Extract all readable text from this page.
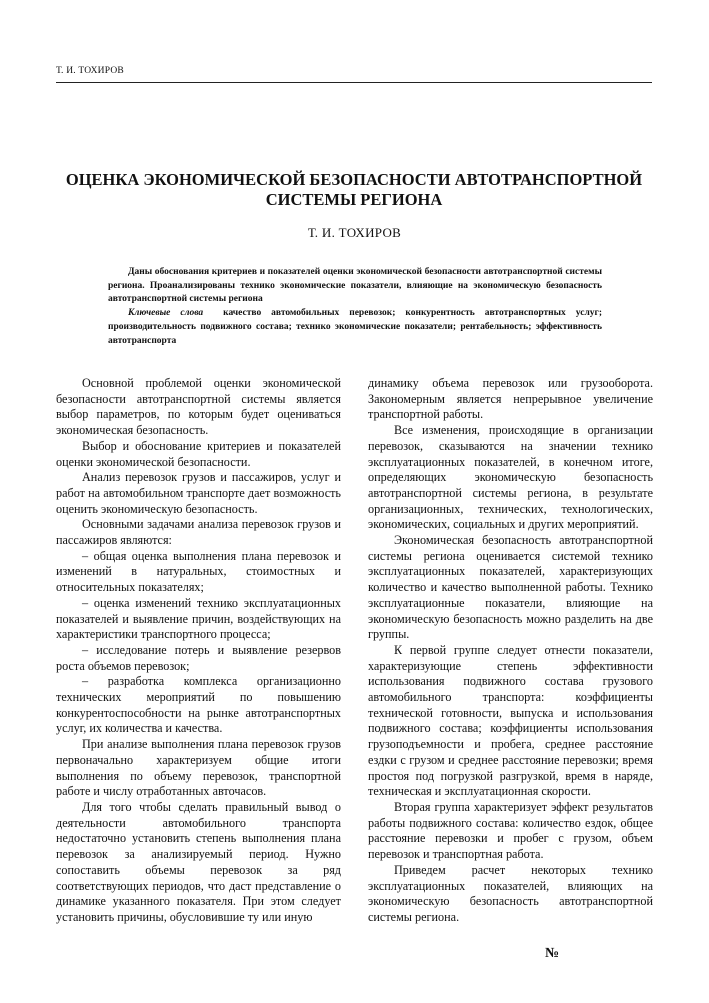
Т. И. ТОХИРОВ
ОЦЕНКА ЭКОНОМИЧЕСКОЙ БЕЗОПАСНОСТИ АВТОТРАНСПОРТНОЙ
СИСТЕМЫ РЕГИОНА
Т. И. ТОХИРОВ

Даны обоснования критериев и показателей оценки экономической безопасности автотранспортной системы региона. Проанализированы технико экономические показатели, влияющие на экономическую безопасность автотранспортной системы региона

Ключевые слова качество автомобильных перевозок; конкурентность автотранспортных услуг; производительность подвижного состава; технико экономические показатели; рентабельность; эффективность автотранспорта

Основной проблемой оценки экономической безопасности автотранспортной системы является выбор параметров, по которым будет оцениваться экономическая безопасность.

Выбор и обоснование критериев и показателей оценки экономической безопасности.

Анализ перевозок грузов и пассажиров, услуг и работ на автомобильном транспорте дает возможность оценить экономическую безопасность.

Основными задачами анализа перевозок грузов и пассажиров являются:

– общая оценка выполнения плана перевозок и изменений в натуральных, стоимостных и относительных показателях;

– оценка изменений технико эксплуатационных показателей и выявление причин, воздействующих на характеристики транспортного процесса;

– исследование потерь и выявление резервов роста объемов перевозок;

– разработка комплекса организационно технических мероприятий по повышению конкурентоспособности на рынке автотранспортных услуг, их количества и качества.

При анализе выполнения плана перевозок грузов первоначально характеризуем общие итоги выполнения по объему перевозок, транспортной работе и числу отработанных авточасов.

Для того чтобы сделать правильный вывод о деятельности автомобильного транспорта недостаточно установить степень выполнения плана перевозок за анализируемый период. Нужно сопоставить объемы перевозок за ряд соответствующих периодов, что даст представление о динамике указанного показателя. При этом следует установить причины, обусловившие ту или иную

динамику объема перевозок или грузооборота. Закономерным является непрерывное увеличение транспортной работы.

Все изменения, происходящие в организации перевозок, сказываются на значении технико эксплуатационных показателей, в конечном итоге, определяющих экономическую безопасность автотранспортной системы региона, в результате организационных, технических, технологических, экономических, социальных и других мероприятий.

Экономическая безопасность автотранспортной системы региона оценивается системой технико эксплуатационных показателей, характеризующих количество и качество выполненной работы. Технико эксплуатационные показатели, влияющие на экономическую безопасность можно разделить на две группы.

К первой группе следует отнести показатели, характеризующие степень эффективности использования подвижного состава грузового автомобильного транспорта: коэффициенты технической готовности, выпуска и использования подвижного состава; коэффициенты использования грузоподъемности и пробега, среднее расстояние ездки с грузом и среднее расстояние перевозки; время простоя под погрузкой разгрузкой, время в наряде, техническая и эксплуатационная скорости.

Вторая группа характеризует эффект результатов работы подвижного состава: количество ездок, общее расстояние перевозки и пробег с грузом, объем перевозок и транспортная работа.

Приведем расчет некоторых технико эксплуатационных показателей, влияющих на экономическую безопасность автотранспортной системы региона.

№
